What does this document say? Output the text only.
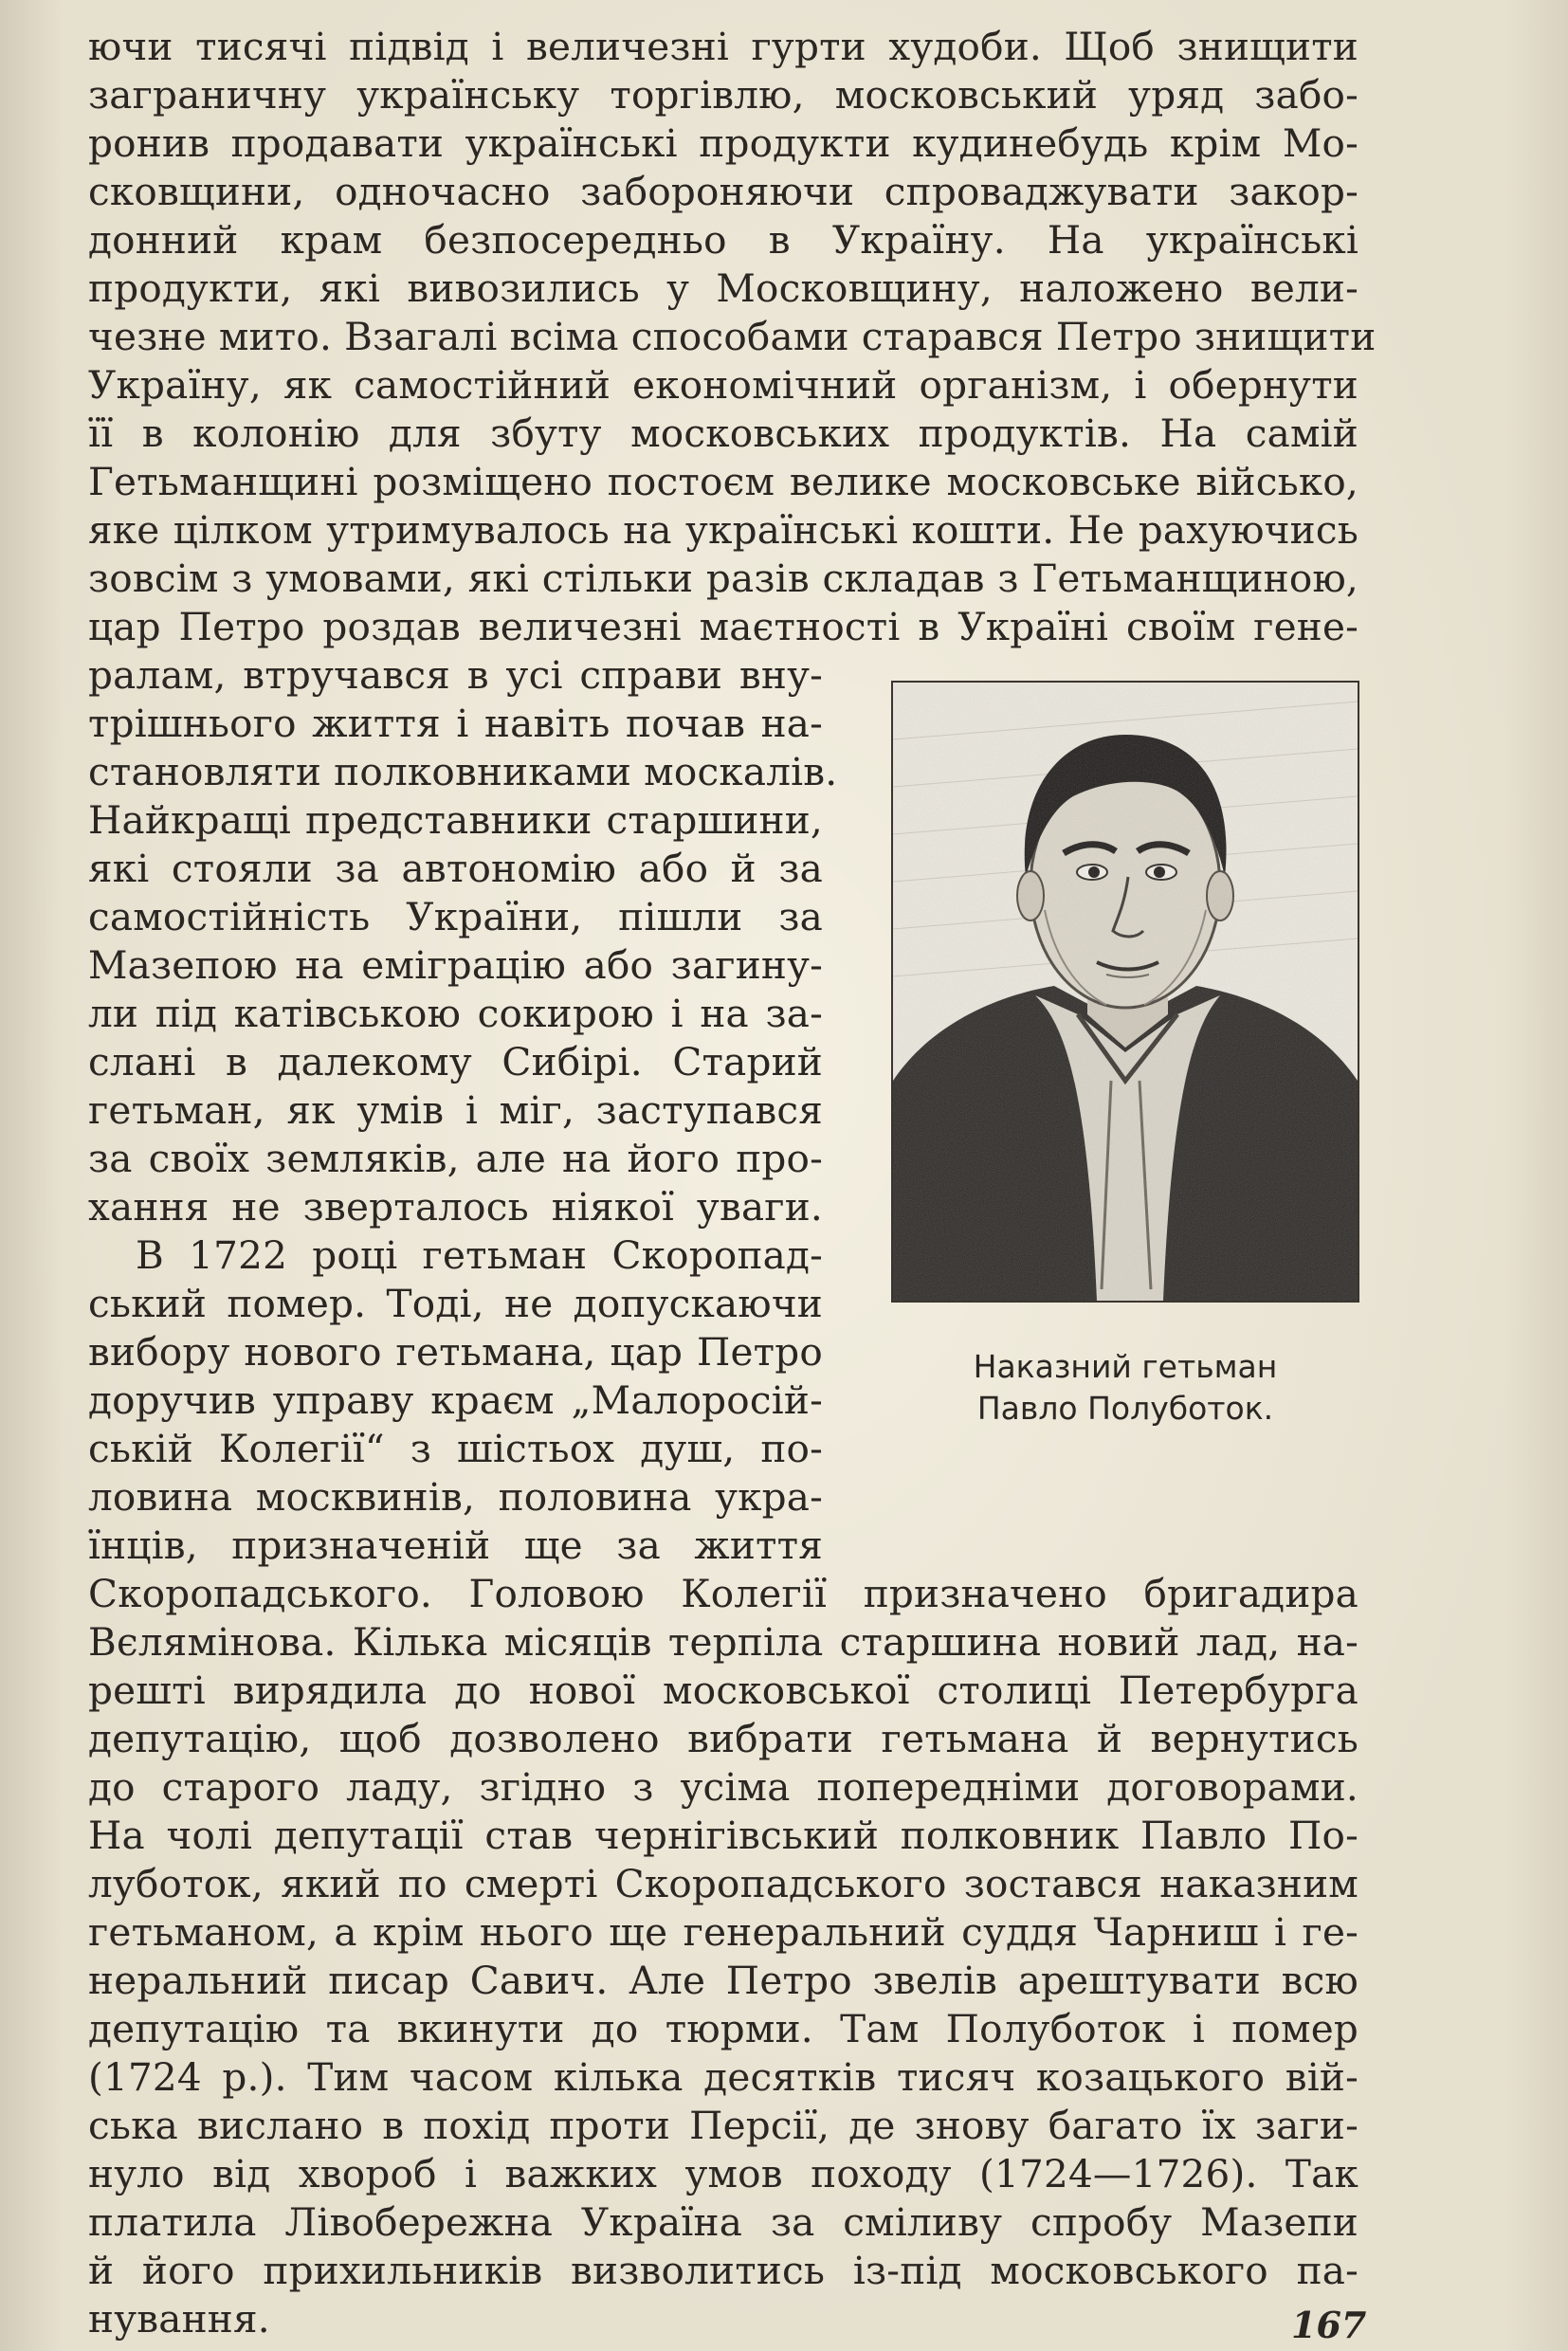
ючи тисячі підвід і величезні гурти худоби. Щоб знищити
заграничну українську торгівлю, московський уряд забо-
ронив продавати українські продукти кудинебудь крім Мо-
сковщини, одночасно забороняючи спроваджувати закор-
донний крам безпосередньо в Україну. На українські
продукти, які вивозились у Московщину, наложено вели-
чезне мито. Взагалі всіма способами старався Петро знищити
Україну, як самостійний економічний організм, і обернути
її в колонію для збуту московських продуктів. На самій
Гетьманщині розміщено постоєм велике московське військо,
яке цілком утримувалось на українські кошти. Не рахуючись
зовсім з умовами, які стільки разів складав з Гетьманщиною,
цар Петро роздав величезні маєтності в Україні своїм гене-
ралам, втручався в усі справи вну-
трішнього життя і навіть почав на-
становляти полковниками москалів.
Найкращі представники старшини,
які стояли за автономію або й за
самостійність України, пішли за
Мазепою на еміграцію або загину-
ли під катівською сокирою і на за-
слані в далекому Сибірі. Старий
гетьман, як умів і міг, заступався
за своїх земляків, але на його про-
хання не зверталось ніякої уваги.
В 1722 році гетьман Скоропад-
ський помер. Тоді, не допускаючи
вибору нового гетьмана, цар Петро
доручив управу краєм „Малоросій-
ській Колегії“ з шістьох душ, по-
ловина москвинів, половина укра-
їнців, призначеній ще за життя
Скоропадського. Головою Колегії призначено бригадира
Вєлямінова. Кілька місяців терпіла старшина новий лад, на-
решті вирядила до нової московської столиці Петербурга
депутацію, щоб дозволено вибрати гетьмана й вернутись
до старого ладу, згідно з усіма попередніми договорами.
На чолі депутації став чернігівський полковник Павло По-
луботок, який по смерті Скоропадського зостався наказним
гетьманом, а крім нього ще генеральний суддя Чарниш і ге-
неральний писар Савич. Але Петро звелів арештувати всю
депутацію та вкинути до тюрми. Там Полуботок і помер
(1724 р.). Тим часом кілька десятків тисяч козацького вій-
ська вислано в похід проти Персії, де знову багато їх заги-
нуло від хвороб і важких умов походу (1724—1726). Так
платила Лівобережна Україна за сміливу спробу Мазепи
й його прихильників визволитись із-під московського па-
нування.
Наказний гетьман
Павло Полуботок.
167
